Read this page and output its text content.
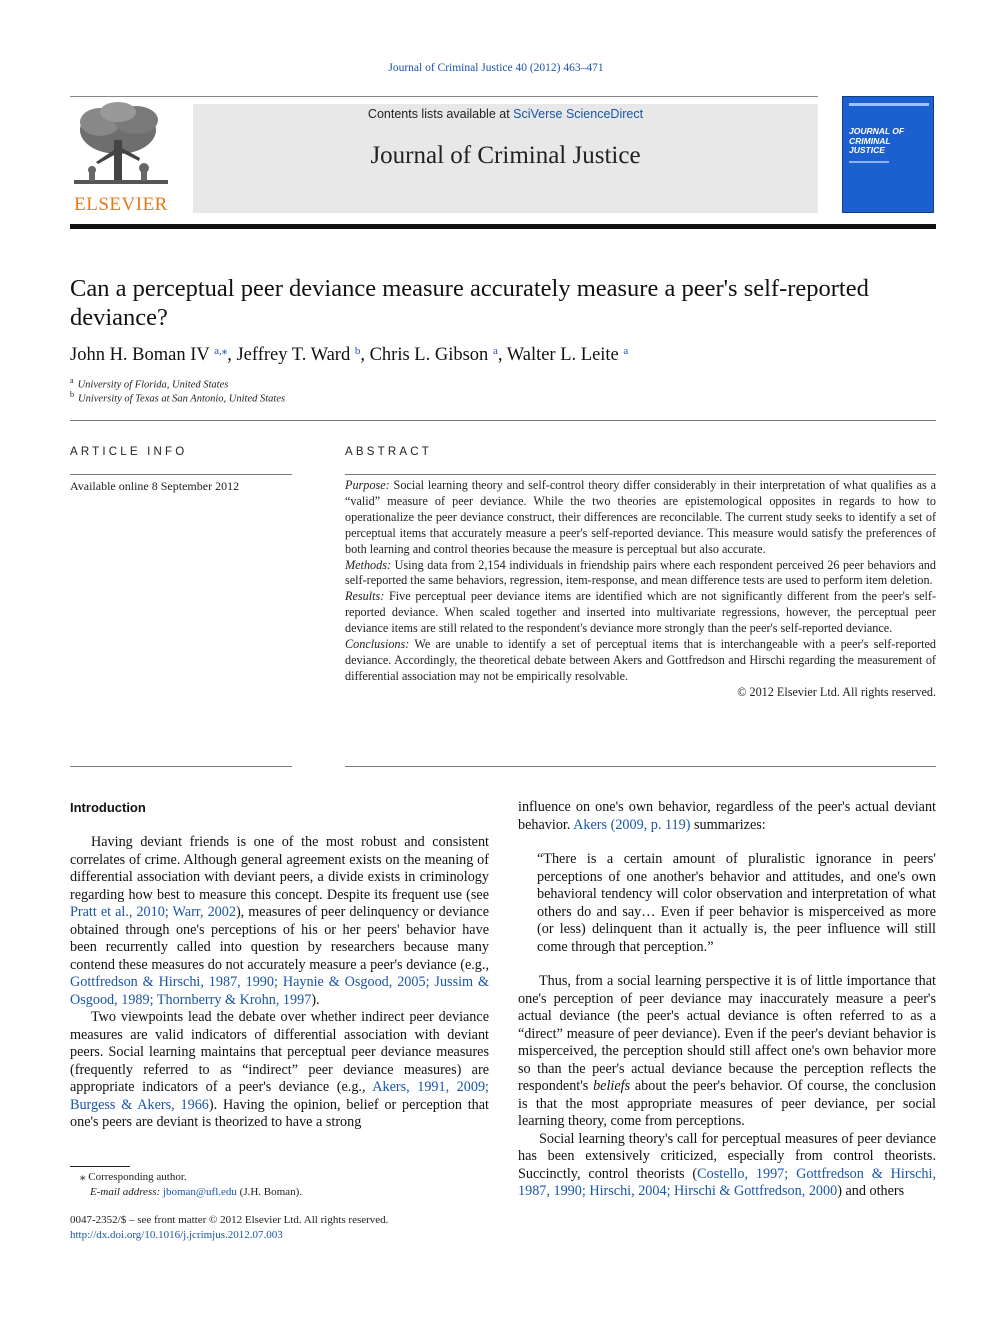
Journal of Criminal Justice 40 (2012) 463–471
ELSEVIER
Contents lists available at SciVerse ScienceDirect
Journal of Criminal Justice
JOURNAL OF CRIMINAL JUSTICE
Can a perceptual peer deviance measure accurately measure a peer's self-reported deviance?
John H. Boman IV $^{a,⁎}$, Jeffrey T. Ward $^b$, Chris L. Gibson $^a$, Walter L. Leite $^a$
$^a$ University of Florida, United States
$^b$ University of Texas at San Antonio, United States
ARTICLE INFO
Available online 8 September 2012
ABSTRACT

Purpose: Social learning theory and self-control theory differ considerably in their interpretation of what qualifies as a “valid” measure of peer deviance. While the two theories are epistemological opposites in regards to how to operationalize the peer deviance construct, their differences are reconcilable. The current study seeks to identify a set of perceptual items that accurately measure a peer's self-reported deviance. This measure would satisfy the preferences of both learning and control theories because the measure is perceptual but also accurate.

Methods: Using data from 2,154 individuals in friendship pairs where each respondent perceived 26 peer behaviors and self-reported the same behaviors, regression, item-response, and mean difference tests are used to perform item deletion.

Results: Five perceptual peer deviance items are identified which are not significantly different from the peer's self-reported deviance. When scaled together and inserted into multivariate regressions, however, the perceptual peer deviance items are still related to the respondent's deviance more strongly than the peer's self-reported deviance.

Conclusions: We are unable to identify a set of perceptual items that is interchangeable with a peer's self-reported deviance. Accordingly, the theoretical debate between Akers and Gottfredson and Hirschi regarding the measurement of differential association may not be empirically resolvable.

© 2012 Elsevier Ltd. All rights reserved.

Introduction

Having deviant friends is one of the most robust and consistent correlates of crime. Although general agreement exists on the meaning of differential association with deviant peers, a divide exists in criminology regarding how best to measure this concept. Despite its frequent use (see Pratt et al., 2010; Warr, 2002), measures of peer delinquency or deviance obtained through one's perceptions of his or her peers' behavior have been recurrently called into question by researchers because many contend these measures do not accurately measure a peer's deviance (e.g., Gottfredson & Hirschi, 1987, 1990; Haynie & Osgood, 2005; Jussim & Osgood, 1989; Thornberry & Krohn, 1997).

Two viewpoints lead the debate over whether indirect peer deviance measures are valid indicators of differential association with deviant peers. Social learning maintains that perceptual peer deviance measures (frequently referred to as “indirect” peer deviance measures) are appropriate indicators of a peer's deviance (e.g., Akers, 1991, 2009; Burgess & Akers, 1966). Having the opinion, belief or perception that one's peers are deviant is theorized to have a strong

⁎ Corresponding author.
E-mail address: jboman@ufl.edu (J.H. Boman).
0047-2352/$ – see front matter © 2012 Elsevier Ltd. All rights reserved.
http://dx.doi.org/10.1016/j.jcrimjus.2012.07.003

influence on one's own behavior, regardless of the peer's actual deviant behavior. Akers (2009, p. 119) summarizes:

“There is a certain amount of pluralistic ignorance in peers' perceptions of one another's behavior and attitudes, and one's own behavioral tendency will color observation and interpretation of what others do and say… Even if peer behavior is misperceived as more (or less) delinquent than it actually is, the peer influence will still come through that perception.”

Thus, from a social learning perspective it is of little importance that one's perception of peer deviance may inaccurately measure a peer's actual deviance (the peer's actual deviance is often referred to as a “direct” measure of peer deviance). Even if the peer's deviant behavior is misperceived, the perception should still affect one's own behavior more so than the peer's actual deviance because the perception reflects the respondent's beliefs about the peer's behavior. Of course, the conclusion is that the most appropriate measures of peer deviance, per social learning theory, come from perceptions.

Social learning theory's call for perceptual measures of peer deviance has been extensively criticized, especially from control theorists. Succinctly, control theorists (Costello, 1997; Gottfredson & Hirschi, 1987, 1990; Hirschi, 2004; Hirschi & Gottfredson, 2000) and others
